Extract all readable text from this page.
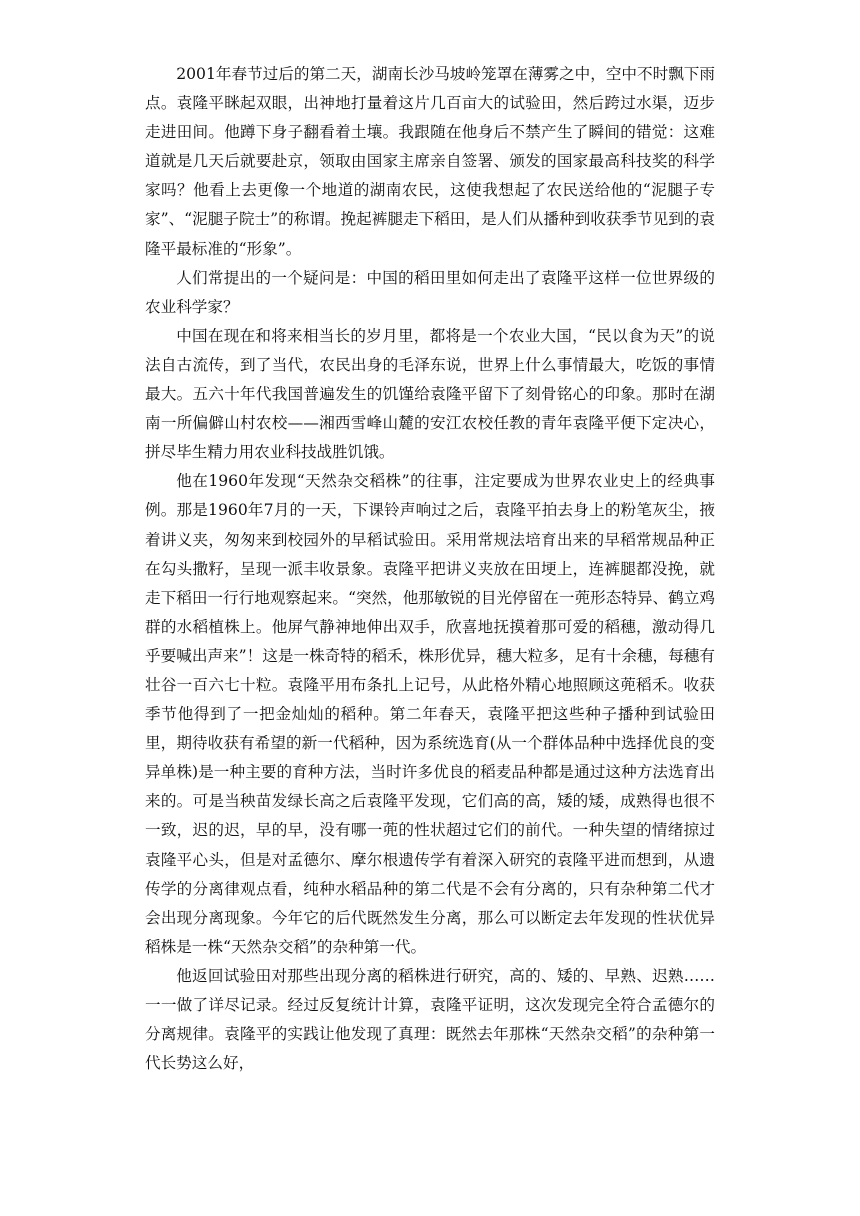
2001年春节过后的第二天，湖南长沙马坡岭笼罩在薄雾之中，空中不时飘下雨点。袁隆平眯起双眼，出神地打量着这片几百亩大的试验田，然后跨过水渠，迈步走进田间。他蹲下身子翻看着土壤。我跟随在他身后不禁产生了瞬间的错觉：这难道就是几天后就要赴京，领取由国家主席亲自签署、颁发的国家最高科技奖的科学家吗？他看上去更像一个地道的湖南农民，这使我想起了农民送给他的“泥腿子专家”、“泥腿子院士”的称谓。挽起裤腿走下稻田，是人们从播种到收获季节见到的袁隆平最标准的“形象”。

人们常提出的一个疑问是：中国的稻田里如何走出了袁隆平这样一位世界级的农业科学家？

中国在现在和将来相当长的岁月里，都将是一个农业大国，“民以食为天”的说法自古流传，到了当代，农民出身的毛泽东说，世界上什么事情最大，吃饭的事情最大。五六十年代我国普遍发生的饥馑给袁隆平留下了刻骨铭心的印象。那时在湖南一所偏僻山村农校——湘西雪峰山麓的安江农校任教的青年袁隆平便下定决心，拼尽毕生精力用农业科技战胜饥饿。

他在1960年发现“天然杂交稻株”的往事，注定要成为世界农业史上的经典事例。那是1960年7月的一天，下课铃声响过之后，袁隆平拍去身上的粉笔灰尘，掖着讲义夹，匆匆来到校园外的早稻试验田。采用常规法培育出来的早稻常规品种正在勾头撒籽，呈现一派丰收景象。袁隆平把讲义夹放在田埂上，连裤腿都没挽，就走下稻田一行行地观察起来。“突然，他那敏锐的目光停留在一蔸形态特异、鹤立鸡群的水稻植株上。他屏气静神地伸出双手，欣喜地抚摸着那可爱的稻穗，激动得几乎要喊出声来”！这是一株奇特的稻禾，株形优异，穗大粒多，足有十余穗，每穗有壮谷一百六七十粒。袁隆平用布条扎上记号，从此格外精心地照顾这蔸稻禾。收获季节他得到了一把金灿灿的稻种。第二年春天，袁隆平把这些种子播种到试验田里，期待收获有希望的新一代稻种，因为系统选育(从一个群体品种中选择优良的变异单株)是一种主要的育种方法，当时许多优良的稻麦品种都是通过这种方法选育出来的。可是当秧苗发绿长高之后袁隆平发现，它们高的高，矮的矮，成熟得也很不一致，迟的迟，早的早，没有哪一蔸的性状超过它们的前代。一种失望的情绪掠过袁隆平心头，但是对孟德尔、摩尔根遗传学有着深入研究的袁隆平进而想到，从遗传学的分离律观点看，纯种水稻品种的第二代是不会有分离的，只有杂种第二代才会出现分离现象。今年它的后代既然发生分离，那么可以断定去年发现的性状优异稻株是一株“天然杂交稻”的杂种第一代。

他返回试验田对那些出现分离的稻株进行研究，高的、矮的、早熟、迟熟……一一做了详尽记录。经过反复统计计算，袁隆平证明，这次发现完全符合孟德尔的分离规律。袁隆平的实践让他发现了真理：既然去年那株“天然杂交稻”的杂种第一代长势这么好，
